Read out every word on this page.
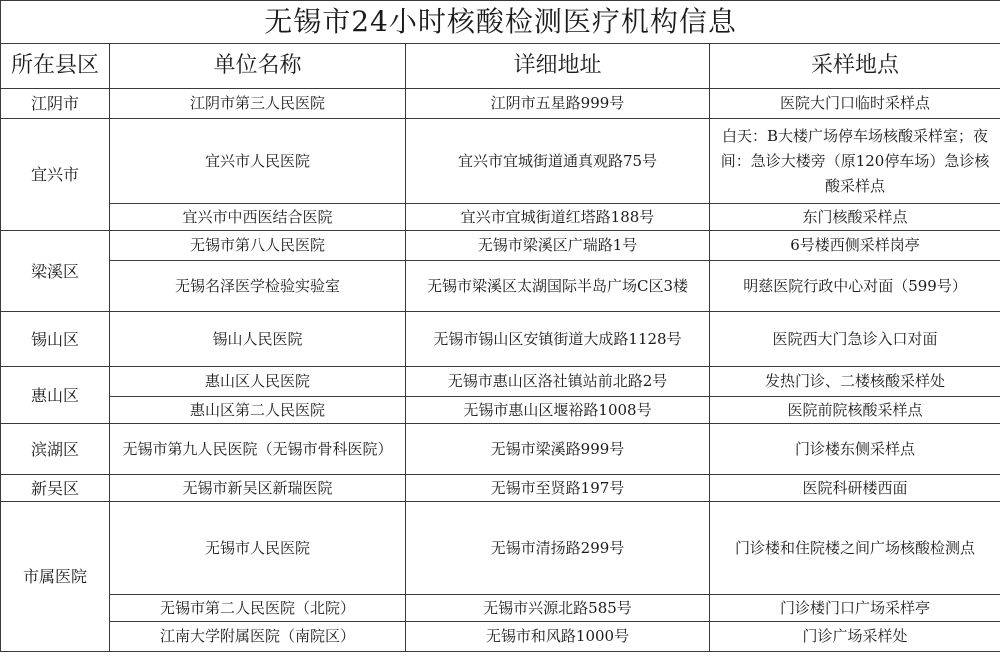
无锡市24小时核酸检测医疗机构信息			
所在县区	单位名称	详细地址	采样地点
江阴市	江阴市第三人民医院	江阴市五星路999号	医院大门口临时采样点
宜兴市	宜兴市人民医院	宜兴市宜城街道通真观路75号	白天：B大楼广场停车场核酸采样室；夜间：急诊大楼旁（原120停车场）急诊核酸采样点
	宜兴市中西医结合医院	宜兴市宜城街道红塔路188号	东门核酸采样点
梁溪区	无锡市第八人民医院	无锡市梁溪区广瑞路1号	6号楼西侧采样岗亭
	无锡名泽医学检验实验室	无锡市梁溪区太湖国际半岛广场C区3楼	明慈医院行政中心对面（599号）
锡山区	锡山人民医院	无锡市锡山区安镇街道大成路1128号	医院西大门急诊入口对面
惠山区	惠山区人民医院	无锡市惠山区洛社镇站前北路2号	发热门诊、二楼核酸采样处
	惠山区第二人民医院	无锡市惠山区堰裕路1008号	医院前院核酸采样点
滨湖区	无锡市第九人民医院（无锡市骨科医院）	无锡市梁溪路999号	门诊楼东侧采样点
新吴区	无锡市新吴区新瑞医院	无锡市至贤路197号	医院科研楼西面
市属医院	无锡市人民医院	无锡市清扬路299号	门诊楼和住院楼之间广场核酸检测点
	无锡市第二人民医院（北院）	无锡市兴源北路585号	门诊楼门口广场采样亭
	江南大学附属医院（南院区）	无锡市和风路1000号	门诊广场采样处
